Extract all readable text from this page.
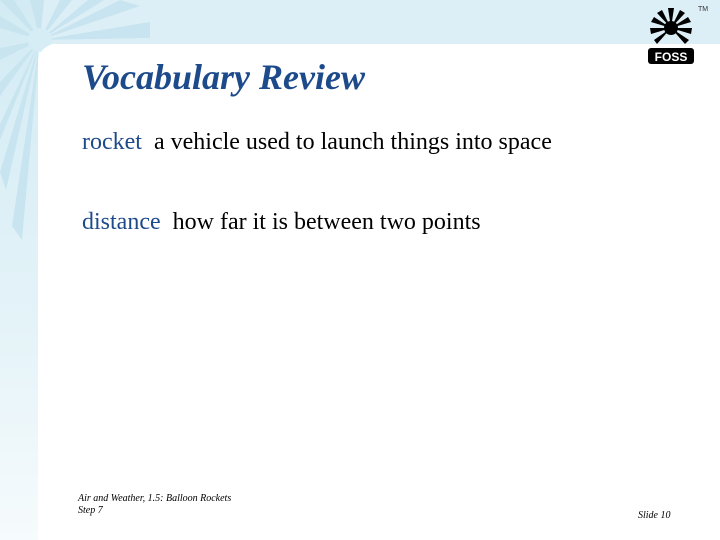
Vocabulary Review
rocket a vehicle used to launch things into space
distance how far it is between two points
Air and Weather, 1.5: Balloon Rockets
Step 7	Slide 10
FOSS
TM
